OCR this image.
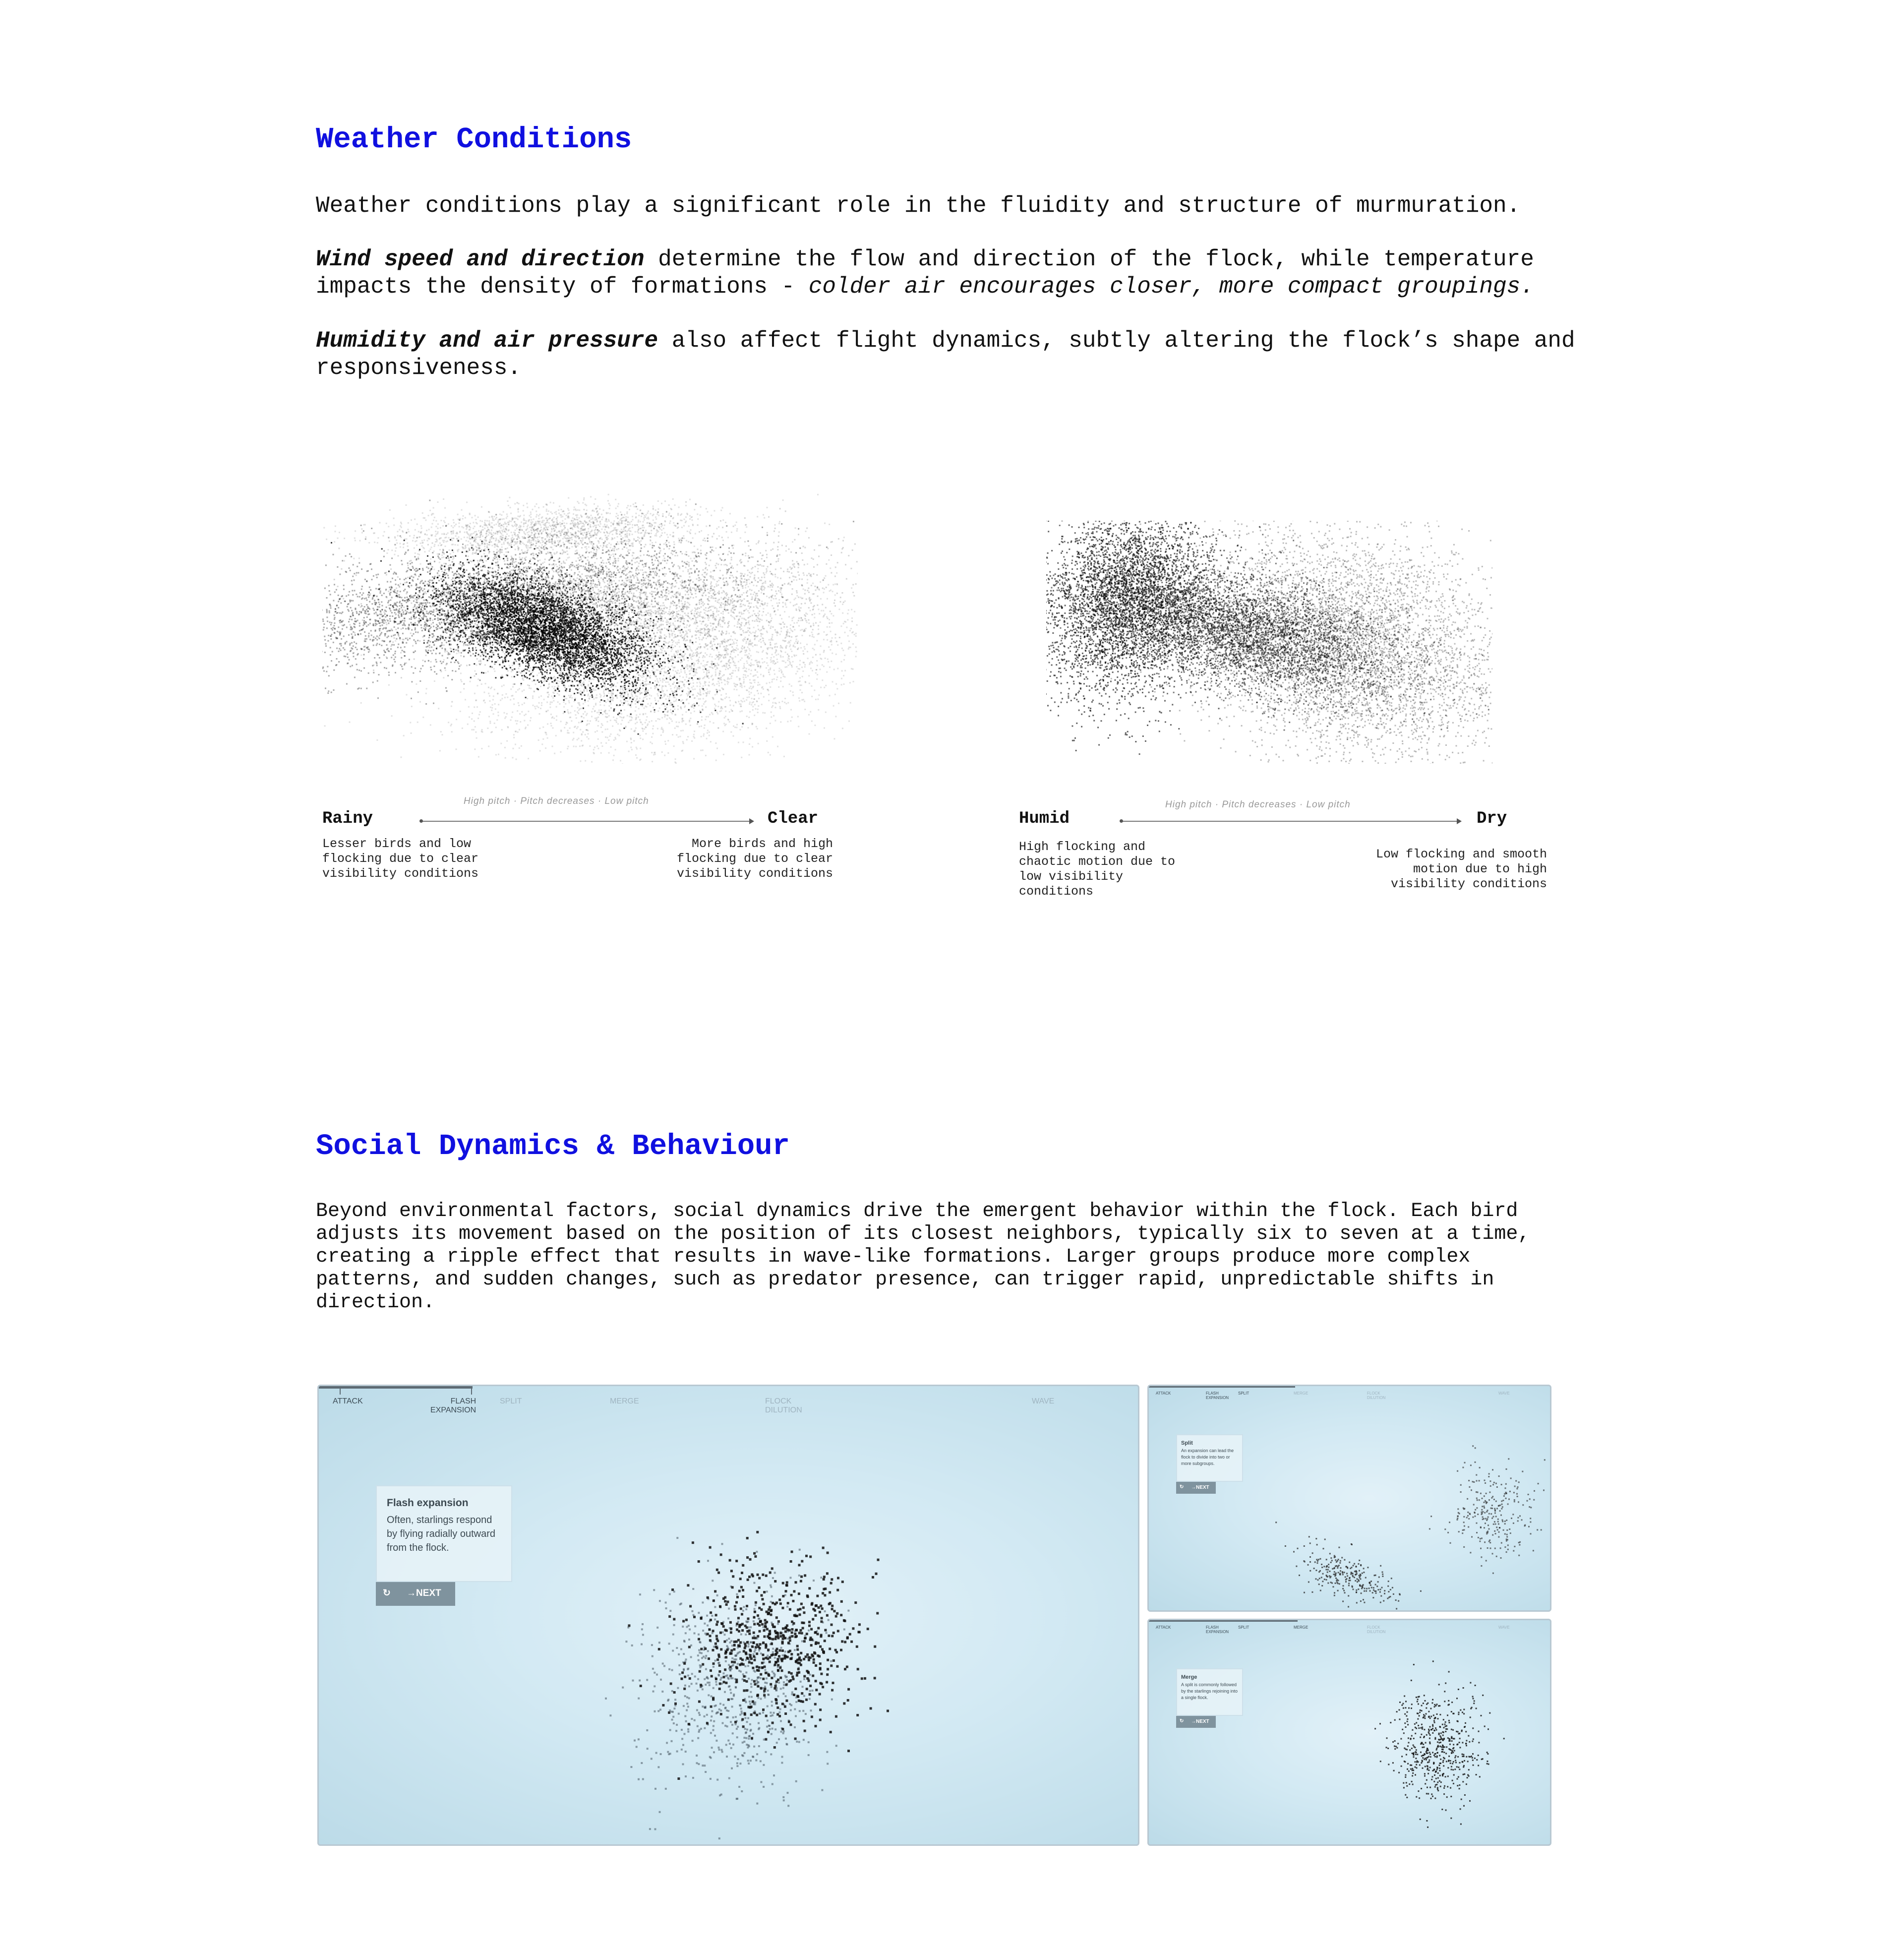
Weather Conditions
Weather conditions play a significant role in the fluidity and structure of murmuration.
Wind speed and direction determine the flow and direction of the flock, while temperature impacts the density of formations - colder air encourages closer, more compact groupings.
Humidity and air pressure also affect flight dynamics, subtly altering the flock’s shape and responsiveness.
High pitch · Pitch decreases · Low pitch
Rainy	Clear
Lesser birds and low
flocking due to clear
visibility conditions
More birds and high
flocking due to clear
visibility conditions
High pitch · Pitch decreases · Low pitch
Humid	Dry
High flocking and
chaotic motion due to
low visibility
conditions
Low flocking and smooth
motion due to high
visibility conditions
Social Dynamics & Behaviour
Beyond environmental factors, social dynamics drive the emergent behavior within the flock. Each bird adjusts its movement based on the position of its closest neighbors, typically six to seven at a time, creating a ripple effect that results in wave-like formations. Larger groups produce more complex patterns, and sudden changes, such as predator presence, can trigger rapid, unpredictable shifts in direction.
ATTACK	FLASH
EXPANSION
SPLIT	MERGE	FLOCK
DILUTION
WAVE
Flash expansion
Often, starlings respond by flying radially outward from the flock.
↻ →NEXT
ATTACK	FLASH
EXPANSION
SPLIT	MERGE	FLOCK
DILUTION
WAVE
Split
An expansion can lead the flock to divide into two or more subgroups.
↻ →NEXT
ATTACK	FLASH
EXPANSION
SPLIT	MERGE	FLOCK
DILUTION
WAVE
Merge
A split is commonly followed by the starlings rejoining into a single flock.
↻ →NEXT
